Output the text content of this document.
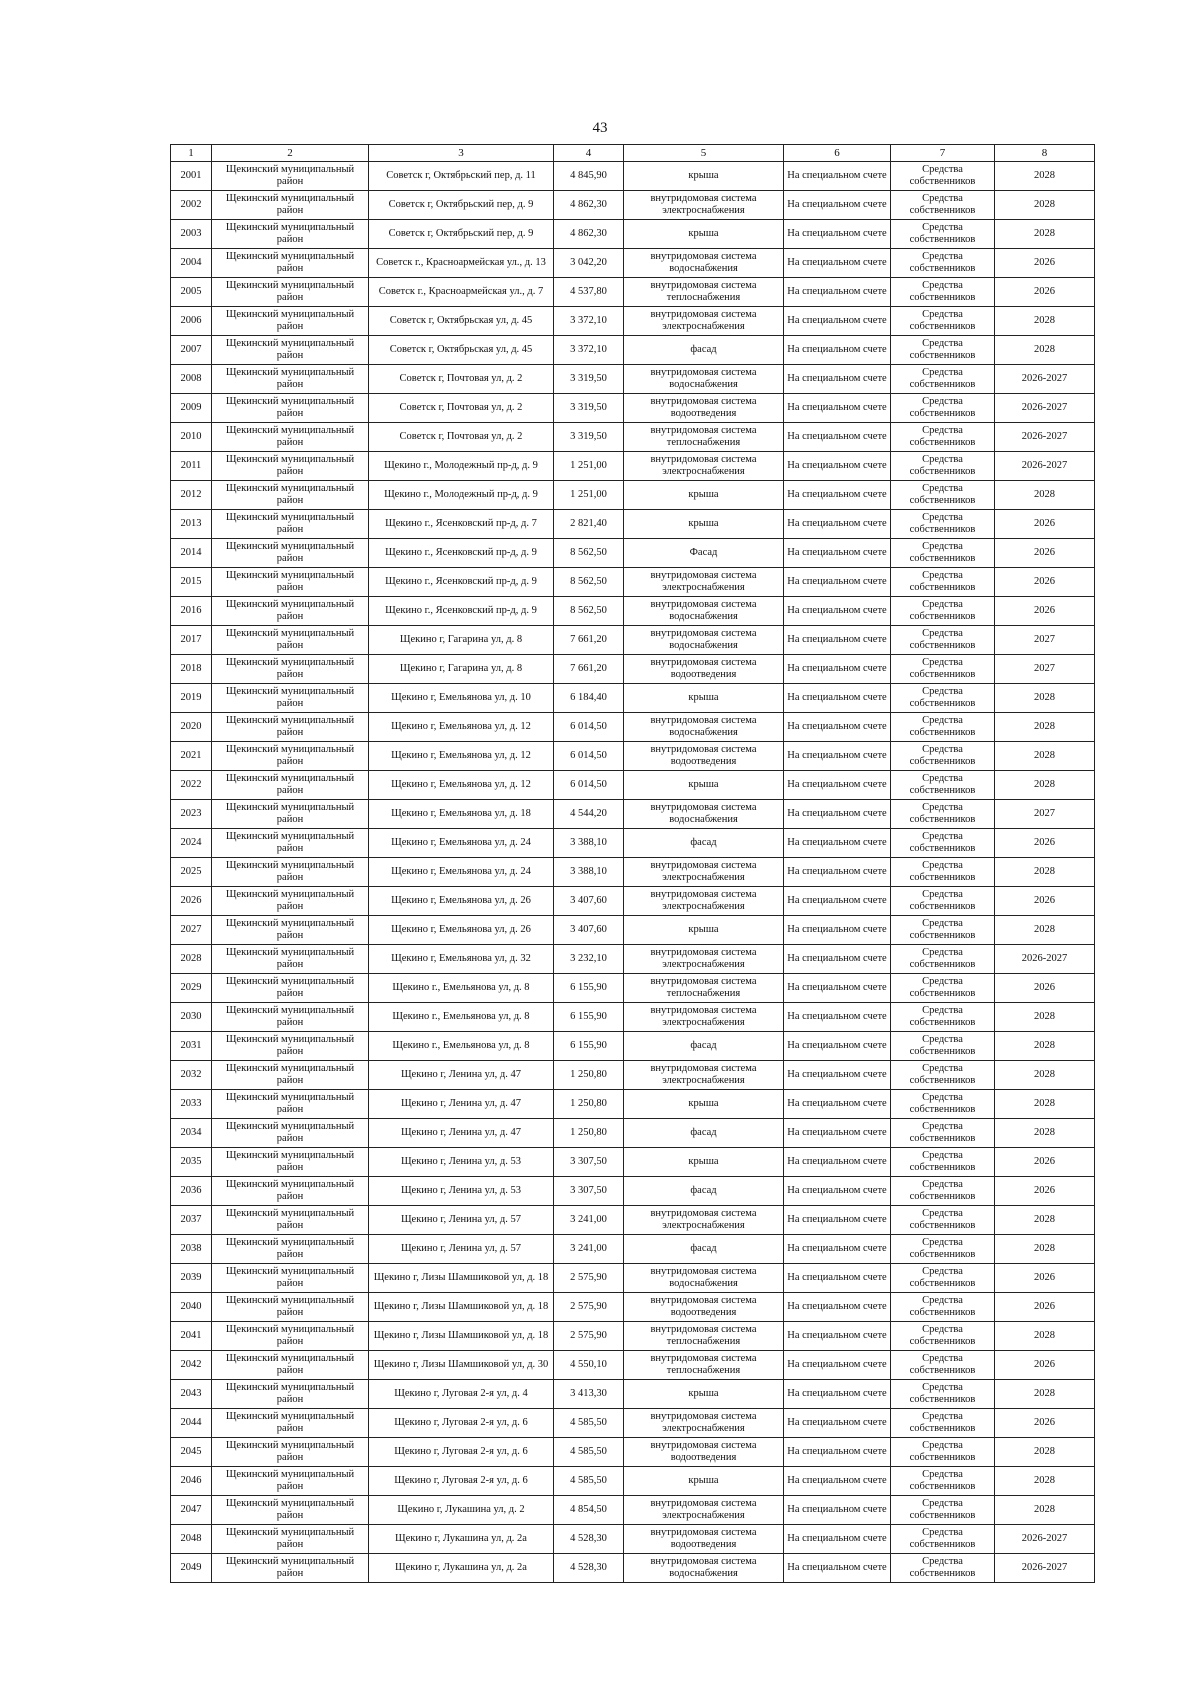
43
1	2	3	4	5	6	7	8
2001	Щекинский муниципальный район	Советск г, Октябрьский пер, д. 11	4 845,90	крыша	На специальном счете	Средства собственников	2028
2002	Щекинский муниципальный район	Советск г, Октябрьский пер, д. 9	4 862,30	внутридомовая система электроснабжения	На специальном счете	Средства собственников	2028
2003	Щекинский муниципальный район	Советск г, Октябрьский пер, д. 9	4 862,30	крыша	На специальном счете	Средства собственников	2028
2004	Щекинский муниципальный район	Советск г., Красноармейская ул., д. 13	3 042,20	внутридомовая система водоснабжения	На специальном счете	Средства собственников	2026
2005	Щекинский муниципальный район	Советск г., Красноармейская ул., д. 7	4 537,80	внутридомовая система теплоснабжения	На специальном счете	Средства собственников	2026
2006	Щекинский муниципальный район	Советск г, Октябрьская ул, д. 45	3 372,10	внутридомовая система электроснабжения	На специальном счете	Средства собственников	2028
2007	Щекинский муниципальный район	Советск г, Октябрьская ул, д. 45	3 372,10	фасад	На специальном счете	Средства собственников	2028
2008	Щекинский муниципальный район	Советск г, Почтовая ул, д. 2	3 319,50	внутридомовая система водоснабжения	На специальном счете	Средства собственников	2026-2027
2009	Щекинский муниципальный район	Советск г, Почтовая ул, д. 2	3 319,50	внутридомовая система водоотведения	На специальном счете	Средства собственников	2026-2027
2010	Щекинский муниципальный район	Советск г, Почтовая ул, д. 2	3 319,50	внутридомовая система теплоснабжения	На специальном счете	Средства собственников	2026-2027
2011	Щекинский муниципальный район	Щекино г., Молодежный пр-д, д. 9	1 251,00	внутридомовая система электроснабжения	На специальном счете	Средства собственников	2026-2027
2012	Щекинский муниципальный район	Щекино г., Молодежный пр-д, д. 9	1 251,00	крыша	На специальном счете	Средства собственников	2028
2013	Щекинский муниципальный район	Щекино г., Ясенковский пр-д, д. 7	2 821,40	крыша	На специальном счете	Средства собственников	2026
2014	Щекинский муниципальный район	Щекино г., Ясенковский пр-д, д. 9	8 562,50	Фасад	На специальном счете	Средства собственников	2026
2015	Щекинский муниципальный район	Щекино г., Ясенковский пр-д, д. 9	8 562,50	внутридомовая система электроснабжения	На специальном счете	Средства собственников	2026
2016	Щекинский муниципальный район	Щекино г., Ясенковский пр-д, д. 9	8 562,50	внутридомовая система водоснабжения	На специальном счете	Средства собственников	2026
2017	Щекинский муниципальный район	Щекино г, Гагарина ул, д. 8	7 661,20	внутридомовая система водоснабжения	На специальном счете	Средства собственников	2027
2018	Щекинский муниципальный район	Щекино г, Гагарина ул, д. 8	7 661,20	внутридомовая система водоотведения	На специальном счете	Средства собственников	2027
2019	Щекинский муниципальный район	Щекино г, Емельянова ул, д. 10	6 184,40	крыша	На специальном счете	Средства собственников	2028
2020	Щекинский муниципальный район	Щекино г, Емельянова ул, д. 12	6 014,50	внутридомовая система водоснабжения	На специальном счете	Средства собственников	2028
2021	Щекинский муниципальный район	Щекино г, Емельянова ул, д. 12	6 014,50	внутридомовая система водоотведения	На специальном счете	Средства собственников	2028
2022	Щекинский муниципальный район	Щекино г, Емельянова ул, д. 12	6 014,50	крыша	На специальном счете	Средства собственников	2028
2023	Щекинский муниципальный район	Щекино г, Емельянова ул, д. 18	4 544,20	внутридомовая система водоснабжения	На специальном счете	Средства собственников	2027
2024	Щекинский муниципальный район	Щекино г, Емельянова ул, д. 24	3 388,10	фасад	На специальном счете	Средства собственников	2026
2025	Щекинский муниципальный район	Щекино г, Емельянова ул, д. 24	3 388,10	внутридомовая система электроснабжения	На специальном счете	Средства собственников	2028
2026	Щекинский муниципальный район	Щекино г, Емельянова ул, д. 26	3 407,60	внутридомовая система электроснабжения	На специальном счете	Средства собственников	2026
2027	Щекинский муниципальный район	Щекино г, Емельянова ул, д. 26	3 407,60	крыша	На специальном счете	Средства собственников	2028
2028	Щекинский муниципальный район	Щекино г, Емельянова ул, д. 32	3 232,10	внутридомовая система электроснабжения	На специальном счете	Средства собственников	2026-2027
2029	Щекинский муниципальный район	Щекино г., Емельянова ул, д. 8	6 155,90	внутридомовая система теплоснабжения	На специальном счете	Средства собственников	2026
2030	Щекинский муниципальный район	Щекино г., Емельянова ул, д. 8	6 155,90	внутридомовая система электроснабжения	На специальном счете	Средства собственников	2028
2031	Щекинский муниципальный район	Щекино г., Емельянова ул, д. 8	6 155,90	фасад	На специальном счете	Средства собственников	2028
2032	Щекинский муниципальный район	Щекино г, Ленина ул, д. 47	1 250,80	внутридомовая система электроснабжения	На специальном счете	Средства собственников	2028
2033	Щекинский муниципальный район	Щекино г, Ленина ул, д. 47	1 250,80	крыша	На специальном счете	Средства собственников	2028
2034	Щекинский муниципальный район	Щекино г, Ленина ул, д. 47	1 250,80	фасад	На специальном счете	Средства собственников	2028
2035	Щекинский муниципальный район	Щекино г, Ленина ул, д. 53	3 307,50	крыша	На специальном счете	Средства собственников	2026
2036	Щекинский муниципальный район	Щекино г, Ленина ул, д. 53	3 307,50	фасад	На специальном счете	Средства собственников	2026
2037	Щекинский муниципальный район	Щекино г, Ленина ул, д. 57	3 241,00	внутридомовая система электроснабжения	На специальном счете	Средства собственников	2028
2038	Щекинский муниципальный район	Щекино г, Ленина ул, д. 57	3 241,00	фасад	На специальном счете	Средства собственников	2028
2039	Щекинский муниципальный район	Щекино г, Лизы Шамшиковой ул, д. 18	2 575,90	внутридомовая система водоснабжения	На специальном счете	Средства собственников	2026
2040	Щекинский муниципальный район	Щекино г, Лизы Шамшиковой ул, д. 18	2 575,90	внутридомовая система водоотведения	На специальном счете	Средства собственников	2026
2041	Щекинский муниципальный район	Щекино г, Лизы Шамшиковой ул, д. 18	2 575,90	внутридомовая система теплоснабжения	На специальном счете	Средства собственников	2028
2042	Щекинский муниципальный район	Щекино г, Лизы Шамшиковой ул, д. 30	4 550,10	внутридомовая система теплоснабжения	На специальном счете	Средства собственников	2026
2043	Щекинский муниципальный район	Щекино г, Луговая 2-я ул, д. 4	3 413,30	крыша	На специальном счете	Средства собственников	2028
2044	Щекинский муниципальный район	Щекино г, Луговая 2-я ул, д. 6	4 585,50	внутридомовая система электроснабжения	На специальном счете	Средства собственников	2026
2045	Щекинский муниципальный район	Щекино г, Луговая 2-я ул, д. 6	4 585,50	внутридомовая система водоотведения	На специальном счете	Средства собственников	2028
2046	Щекинский муниципальный район	Щекино г, Луговая 2-я ул, д. 6	4 585,50	крыша	На специальном счете	Средства собственников	2028
2047	Щекинский муниципальный район	Щекино г, Лукашина ул, д. 2	4 854,50	внутридомовая система электроснабжения	На специальном счете	Средства собственников	2028
2048	Щекинский муниципальный район	Щекино г, Лукашина ул, д. 2а	4 528,30	внутридомовая система водоотведения	На специальном счете	Средства собственников	2026-2027
2049	Щекинский муниципальный район	Щекино г, Лукашина ул, д. 2а	4 528,30	внутридомовая система водоснабжения	На специальном счете	Средства собственников	2026-2027
